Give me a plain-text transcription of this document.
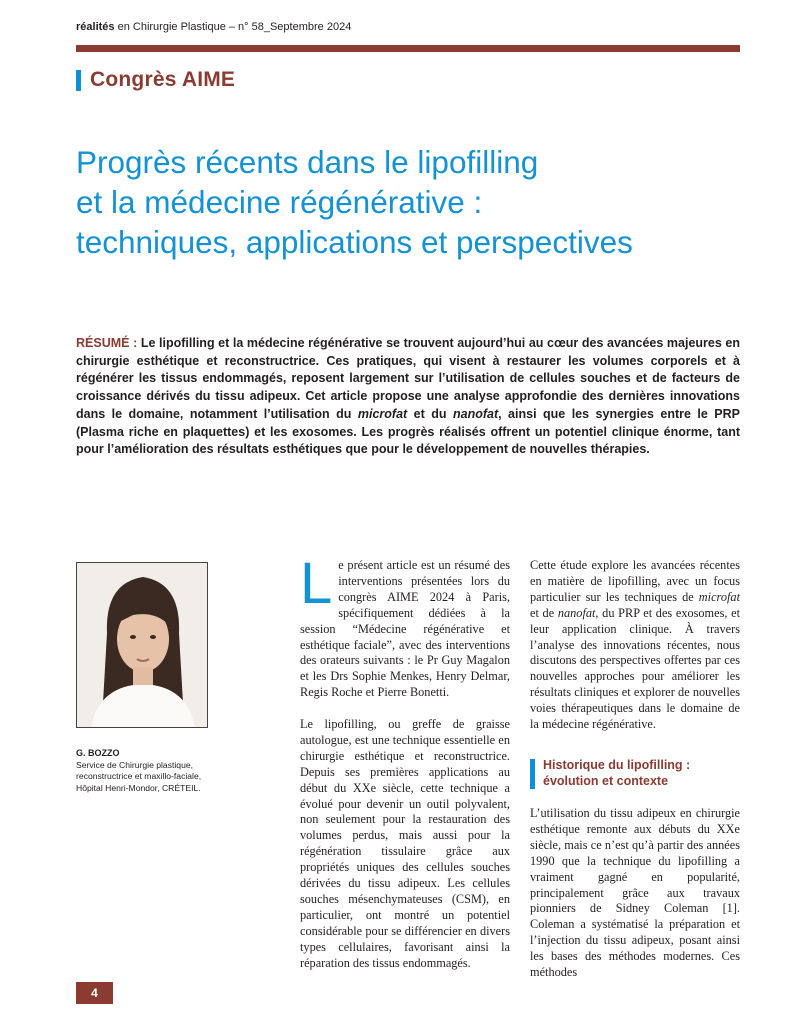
réalités en Chirurgie Plastique – n° 58_Septembre 2024
Congrès AIME
Progrès récents dans le lipofilling
et la médecine régénérative :
techniques, applications et perspectives

RÉSUMÉ : Le lipofilling et la médecine régénérative se trouvent aujourd’hui au cœur des avancées majeures en chirurgie esthétique et reconstructrice. Ces pratiques, qui visent à restaurer les volumes corporels et à régénérer les tissus endommagés, reposent largement sur l’utilisation de cellules souches et de facteurs de croissance dérivés du tissu adipeux. Cet article propose une analyse approfondie des dernières innovations dans le domaine, notamment l’utilisation du microfat et du nanofat, ainsi que les synergies entre le PRP (Plasma riche en plaquettes) et les exosomes. Les progrès réalisés offrent un potentiel clinique énorme, tant pour l’amélioration des résultats esthétiques que pour le développement de nouvelles thérapies.

G. BOZZO
Service de Chirurgie plastique,
reconstructrice et maxillo-faciale,
Hôpital Henri-Mondor, CRÉTEIL.

Le présent article est un résumé des interventions présentées lors du congrès AIME 2024 à Paris, spécifiquement dédiées à la session “Médecine régénérative et esthétique faciale”, avec des interventions des orateurs suivants : le Pr Guy Magalon et les Drs Sophie Menkes, Henry Delmar, Regis Roche et Pierre Bonetti.

Le lipofilling, ou greffe de graisse autologue, est une technique essentielle en chirurgie esthétique et reconstructrice. Depuis ses premières applications au début du XXe siècle, cette technique a évolué pour devenir un outil polyvalent, non seulement pour la restauration des volumes perdus, mais aussi pour la régénération tissulaire grâce aux propriétés uniques des cellules souches dérivées du tissu adipeux. Les cellules souches mésenchymateuses (CSM), en particulier, ont montré un potentiel considérable pour se différencier en divers types cellulaires, favorisant ainsi la réparation des tissus endommagés.

Cette étude explore les avancées récentes en matière de lipofilling, avec un focus particulier sur les techniques de microfat et de nanofat, du PRP et des exosomes, et leur application clinique. À travers l’analyse des innovations récentes, nous discutons des perspectives offertes par ces nouvelles approches pour améliorer les résultats cliniques et explorer de nouvelles voies thérapeutiques dans le domaine de la médecine régénérative.

Historique du lipofilling :
évolution et contexte

L’utilisation du tissu adipeux en chirurgie esthétique remonte aux débuts du XXe siècle, mais ce n’est qu’à partir des années 1990 que la technique du lipofilling a vraiment gagné en popularité, principalement grâce aux travaux pionniers de Sidney Coleman [1]. Coleman a systématisé la préparation et l’injection du tissu adipeux, posant ainsi les bases des méthodes modernes. Ces méthodes

4
